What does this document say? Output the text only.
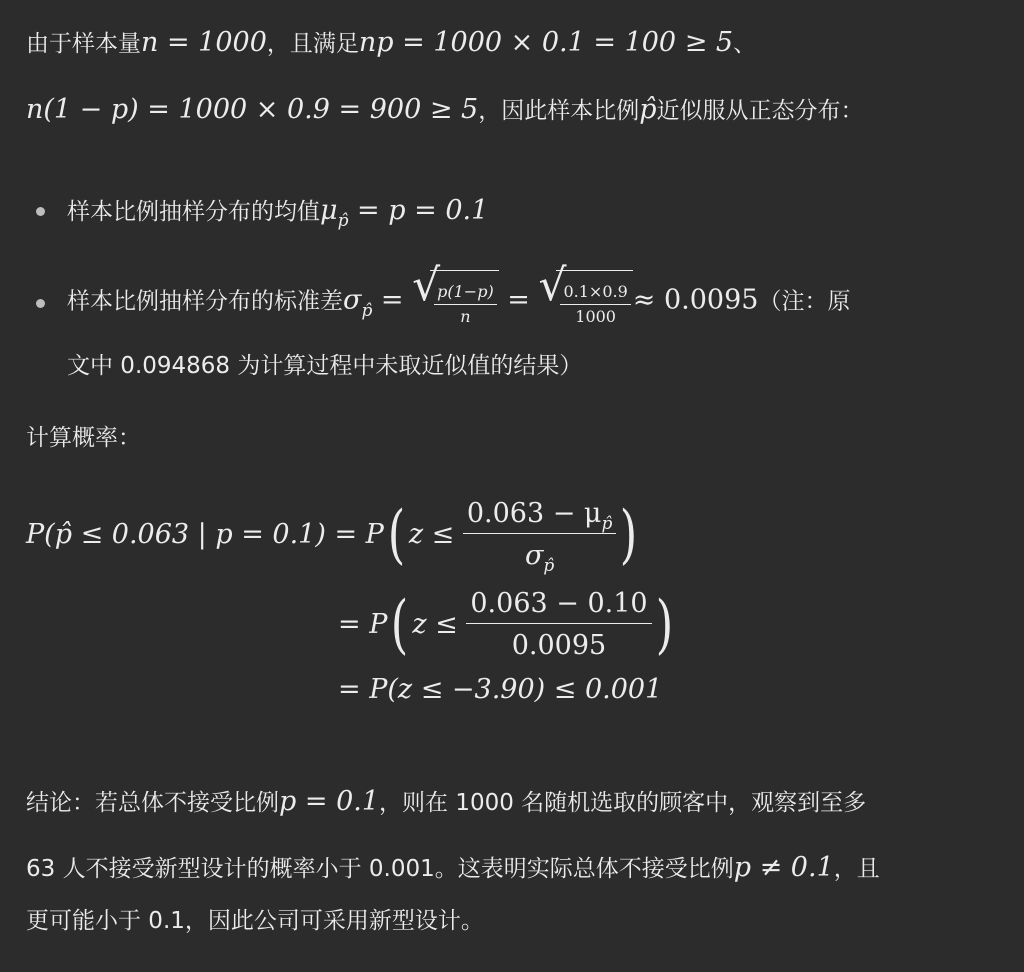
由于样本量n = 1000，且满足np = 1000 × 0.1 = 100 ≥ 5、
n(1 − p) = 1000 × 0.9 = 900 ≥ 5，因此样本比例p̂近似服从正态分布：
样本比例抽样分布的均值$\mu_{p̂} = p = 0.1$
样本比例抽样分布的标准差$\sigma_{p̂}$ = √
$\frac{p(1-p)}{n}$ = √
$\frac{0.1\times 0.9}{1000} \approx 0.0095$（注：原
文中 0.094868 为计算过程中未取近似值的结果）
计算概率：
P(p̂ ≤ 0.063 | p = 0.1) = P( $z \le \frac{0.063 - \mu_{p̂}}{\sigma_{p̂}}$ )
= P( $z \le \frac{0.063 - 0.10}{0.0095}$ )
= P(z ≤ −3.90) ≤ 0.001
结论：若总体不接受比例p = 0.1，则在 1000 名随机选取的顾客中，观察到至多
63 人不接受新型设计的概率小于 0.001。这表明实际总体不接受比例p ≠ 0.1，且
更可能小于 0.1，因此公司可采用新型设计。
